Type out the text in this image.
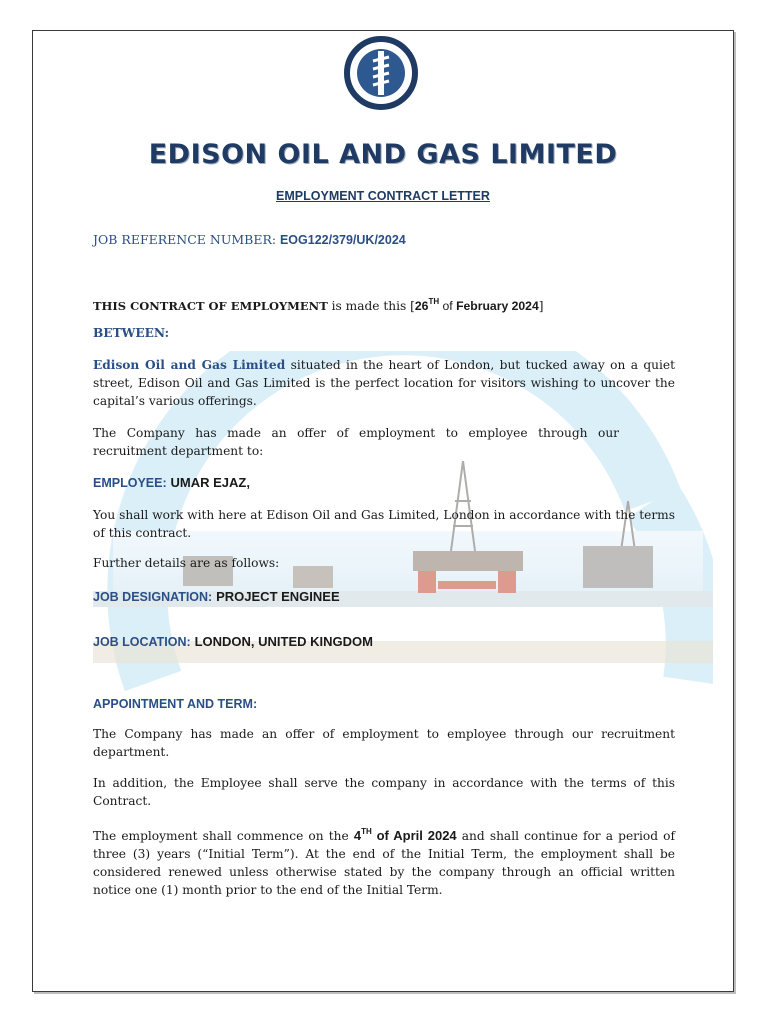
EDISON OIL AND GAS LIMITED
EMPLOYMENT CONTRACT LETTER
JOB REFERENCE NUMBER: EOG122/379/UK/2024
THIS CONTRACT OF EMPLOYMENT is made this [26TH of February 2024]
BETWEEN:
Edison Oil and Gas Limited situated in the heart of London, but tucked away on a quiet street, Edison Oil and Gas Limited is the perfect location for visitors wishing to uncover the capital’s various offerings.
The Company has made an offer of employment to employee through our recruitment department to:
EMPLOYEE: UMAR EJAZ,
You shall work with here at Edison Oil and Gas Limited, London in accordance with the terms of this contract.
Further details are as follows:
JOB DESIGNATION: PROJECT ENGINEE
JOB LOCATION: LONDON, UNITED KINGDOM
APPOINTMENT AND TERM:
The Company has made an offer of employment to employee through our recruitment department.
In addition, the Employee shall serve the company in accordance with the terms of this Contract.
The employment shall commence on the 4TH of April 2024 and shall continue for a period of three (3) years (“Initial Term”). At the end of the Initial Term, the employment shall be considered renewed unless otherwise stated by the company through an official written notice one (1) month prior to the end of the Initial Term.
